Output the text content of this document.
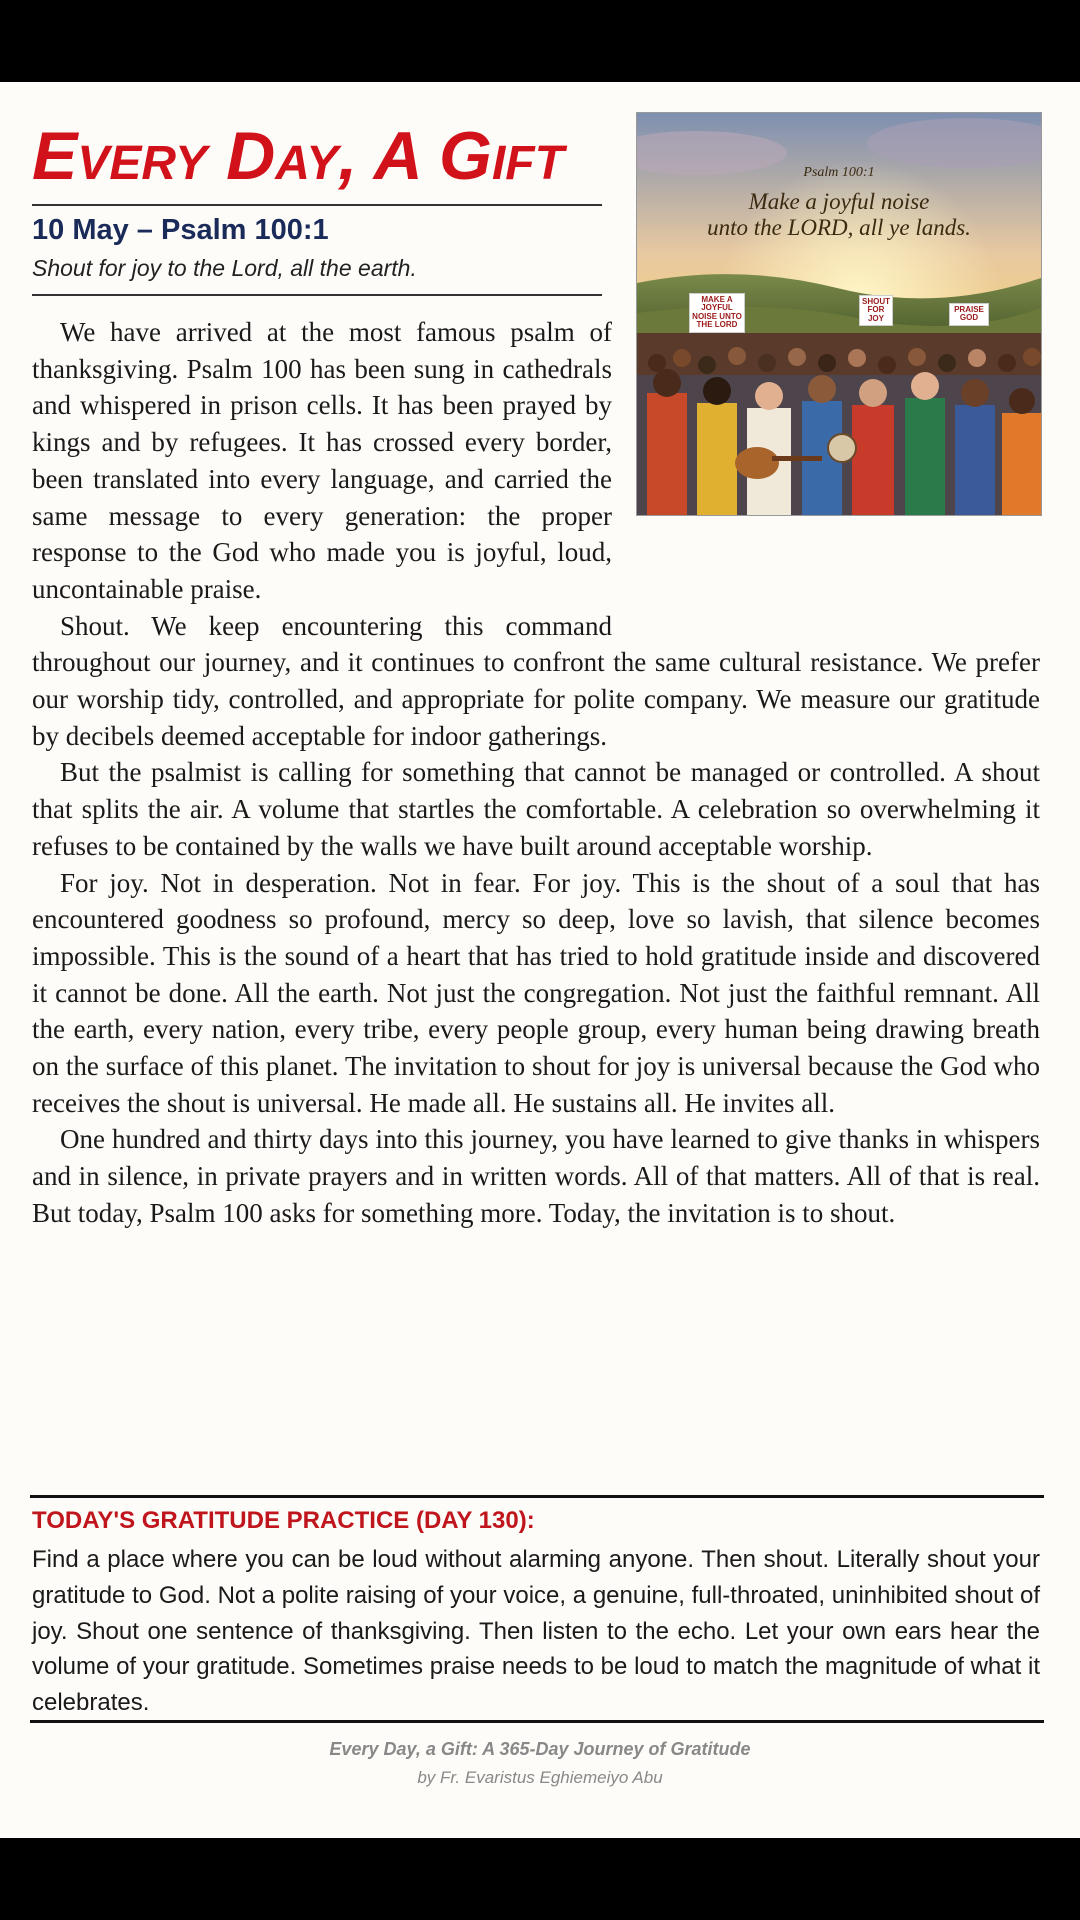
Every Day, A Gift
10 May – Psalm 100:1
Shout for joy to the Lord, all the earth.
Psalm 100:1
Make a joyful noise
unto the LORD, all ye lands.
MAKE A JOYFUL NOISE UNTO THE LORD
SHOUT FOR JOY
PRAISE GOD

We have arrived at the most famous psalm of thanksgiving. Psalm 100 has been sung in cathedrals and whispered in prison cells. It has been prayed by kings and by refugees. It has crossed every border, been translated into every language, and carried the same message to every generation: the proper response to the God who made you is joyful, loud, uncontainable praise.

Shout. We keep encountering this command throughout our journey, and it continues to confront the same cultural resistance. We prefer our worship tidy, controlled, and appropriate for polite company. We measure our gratitude by decibels deemed acceptable for indoor gatherings.

But the psalmist is calling for something that cannot be managed or controlled. A shout that splits the air. A volume that startles the comfortable. A celebration so overwhelming it refuses to be contained by the walls we have built around acceptable worship.

For joy. Not in desperation. Not in fear. For joy. This is the shout of a soul that has encountered goodness so profound, mercy so deep, love so lavish, that silence becomes impossible. This is the sound of a heart that has tried to hold gratitude inside and discovered it cannot be done. All the earth. Not just the congregation. Not just the faithful remnant. All the earth, every nation, every tribe, every people group, every human being drawing breath on the surface of this planet. The invitation to shout for joy is universal because the God who receives the shout is universal. He made all. He sustains all. He invites all.

One hundred and thirty days into this journey, you have learned to give thanks in whispers and in silence, in private prayers and in written words. All of that matters. All of that is real. But today, Psalm 100 asks for something more. Today, the invitation is to shout.

TODAY'S GRATITUDE PRACTICE (DAY 130):
Find a place where you can be loud without alarming anyone. Then shout. Literally shout your gratitude to God. Not a polite raising of your voice, a genuine, full-throated, uninhibited shout of joy. Shout one sentence of thanksgiving. Then listen to the echo. Let your own ears hear the volume of your gratitude. Sometimes praise needs to be loud to match the magnitude of what it celebrates.
Every Day, a Gift: A 365-Day Journey of Gratitude
by Fr. Evaristus Eghiemeiyo Abu
